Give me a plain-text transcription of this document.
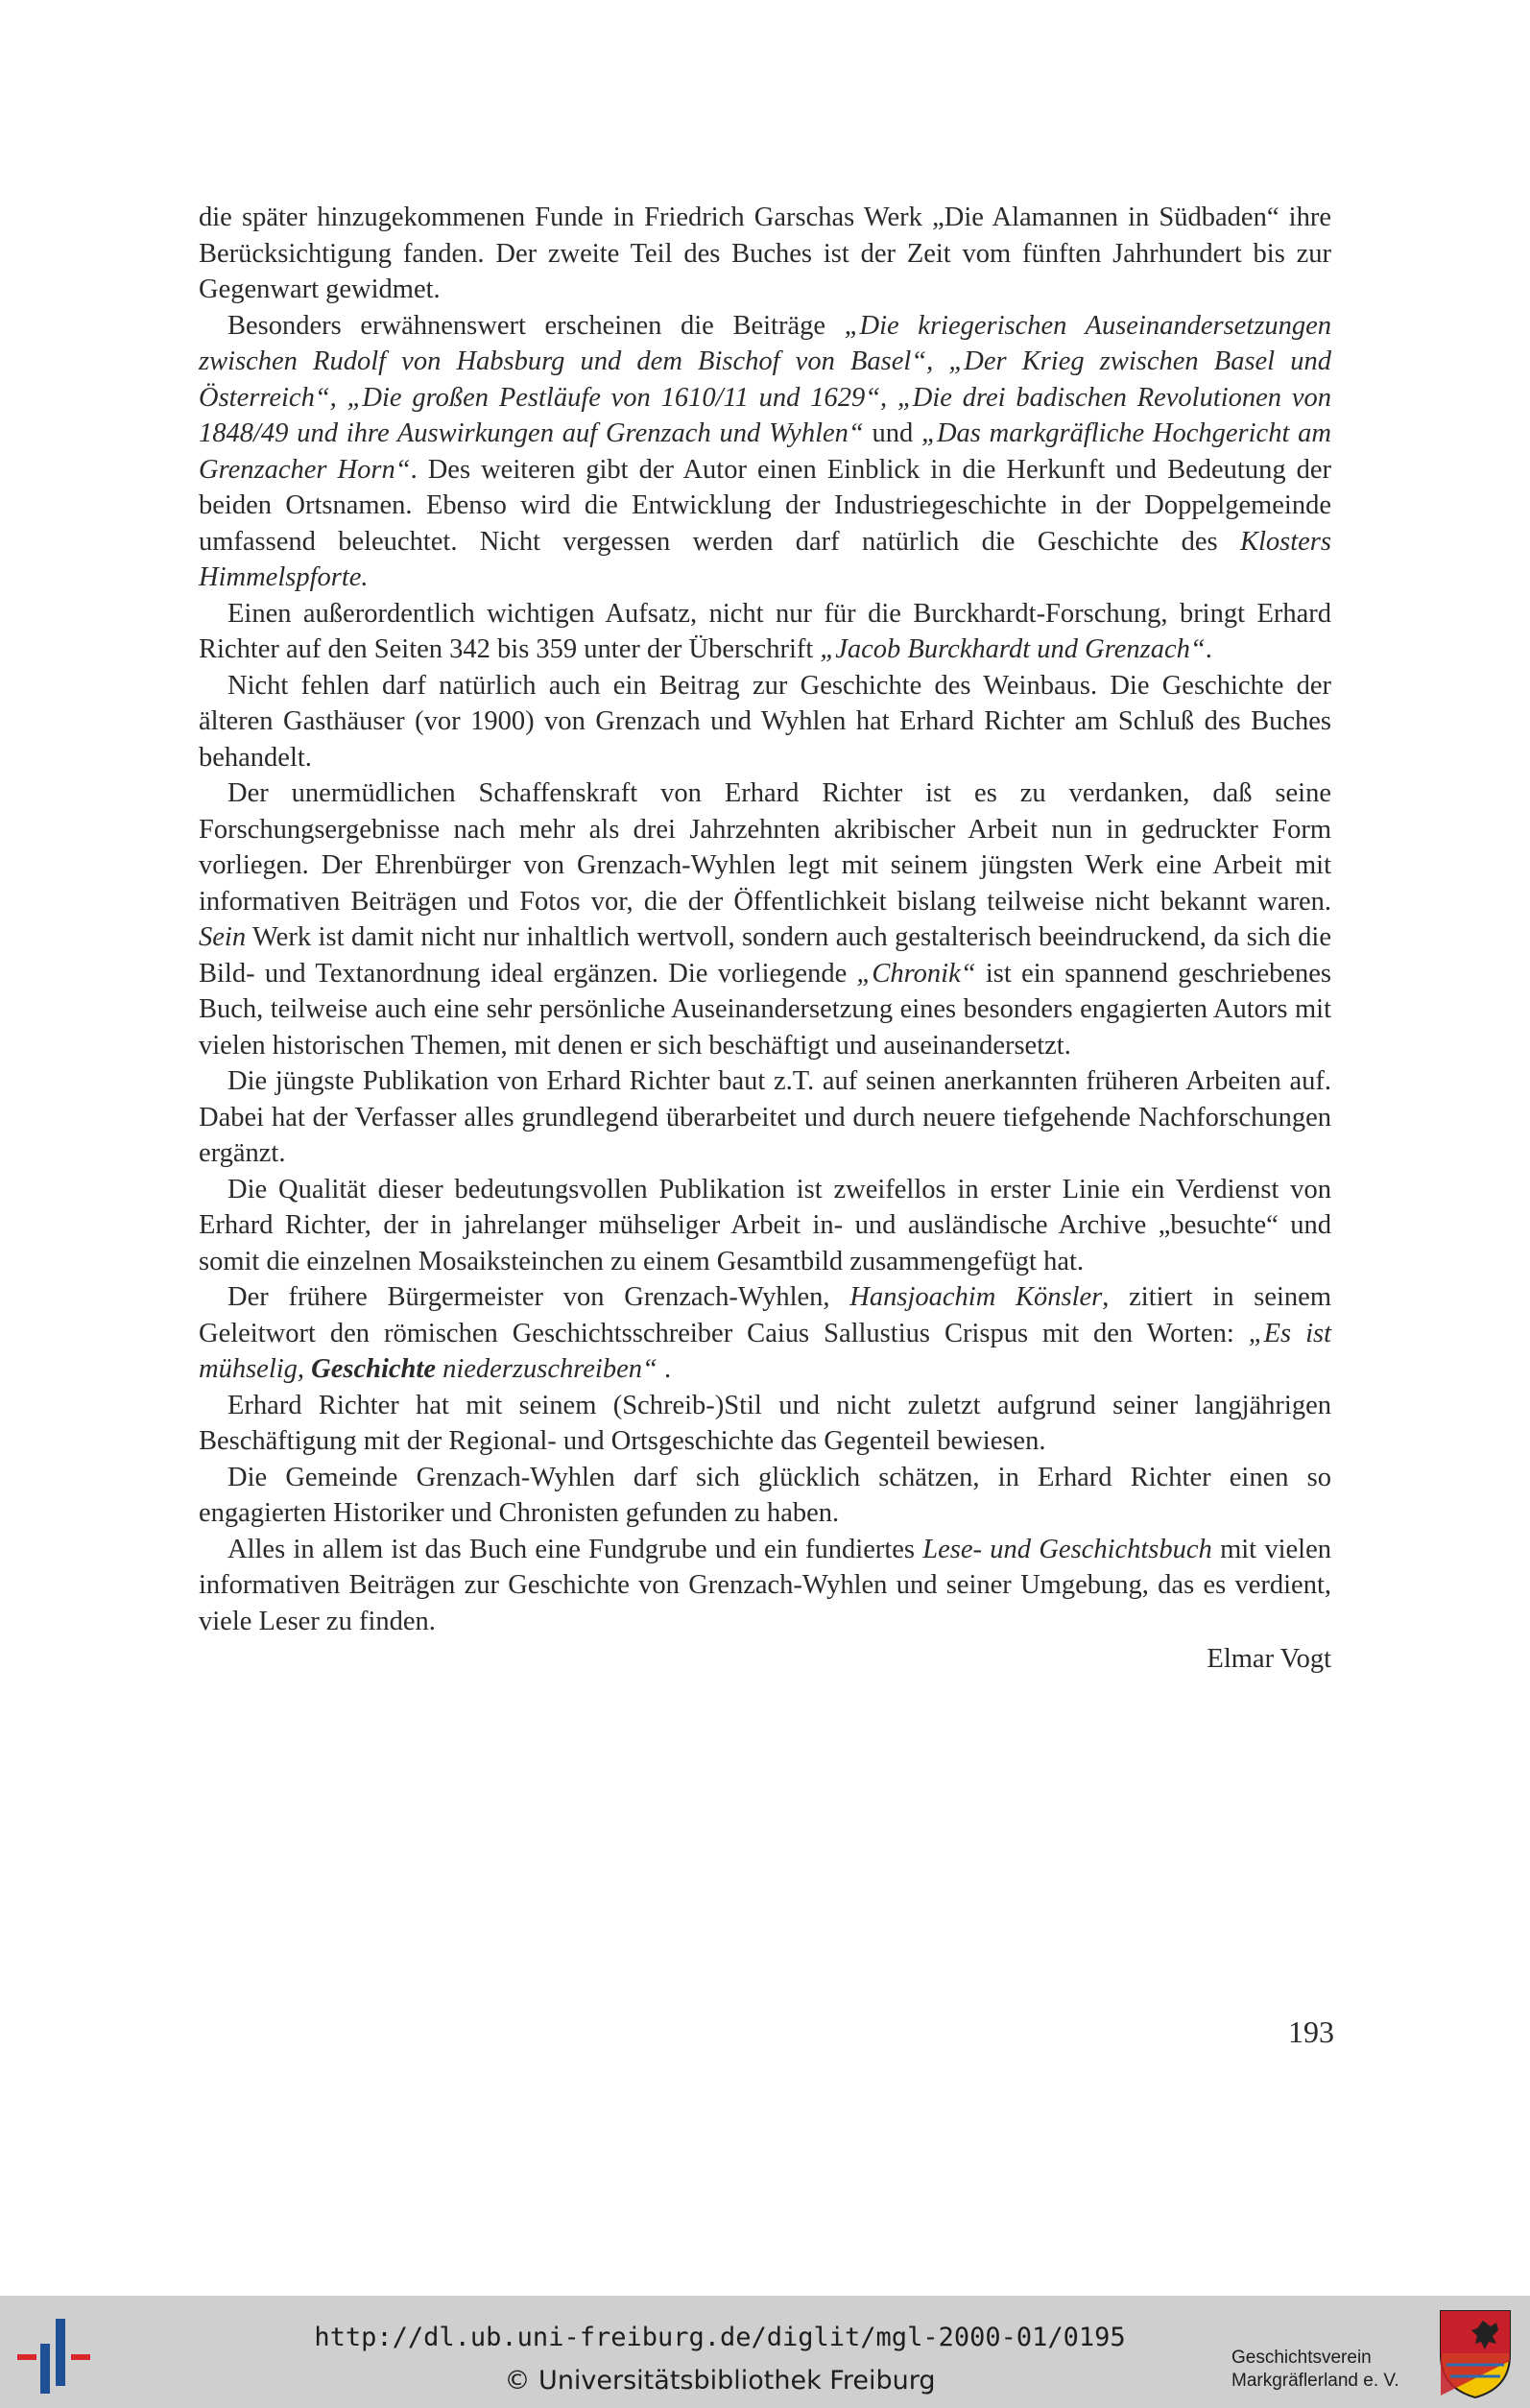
die später hinzugekommenen Funde in Friedrich Garschas Werk „Die Alamannen in Südbaden“ ihre Berücksichtigung fanden. Der zweite Teil des Buches ist der Zeit vom fünften Jahrhundert bis zur Gegenwart gewidmet.

Besonders erwähnenswert erscheinen die Beiträge „Die kriegerischen Auseinandersetzungen zwischen Rudolf von Habsburg und dem Bischof von Basel“, „Der Krieg zwischen Basel und Österreich“, „Die großen Pestläufe von 1610/11 und 1629“, „Die drei badischen Revolutionen von 1848/49 und ihre Auswirkungen auf Grenzach und Wyhlen“ und „Das markgräfliche Hochgericht am Grenzacher Horn“. Des weiteren gibt der Autor einen Einblick in die Herkunft und Bedeutung der beiden Ortsnamen. Ebenso wird die Entwicklung der Industriegeschichte in der Doppelgemeinde umfassend beleuchtet. Nicht vergessen werden darf natürlich die Geschichte des Klosters Himmelspforte.

Einen außerordentlich wichtigen Aufsatz, nicht nur für die Burckhardt-Forschung, bringt Erhard Richter auf den Seiten 342 bis 359 unter der Überschrift „Jacob Burckhardt und Grenzach“.

Nicht fehlen darf natürlich auch ein Beitrag zur Geschichte des Weinbaus. Die Geschichte der älteren Gasthäuser (vor 1900) von Grenzach und Wyhlen hat Erhard Richter am Schluß des Buches behandelt.

Der unermüdlichen Schaffenskraft von Erhard Richter ist es zu verdanken, daß seine Forschungsergebnisse nach mehr als drei Jahrzehnten akribischer Arbeit nun in gedruckter Form vorliegen. Der Ehrenbürger von Grenzach-Wyhlen legt mit seinem jüngsten Werk eine Arbeit mit informativen Beiträgen und Fotos vor, die der Öffentlichkeit bislang teilweise nicht bekannt waren. Sein Werk ist damit nicht nur inhaltlich wertvoll, sondern auch gestalterisch beeindruckend, da sich die Bild- und Textanordnung ideal ergänzen. Die vorliegende „Chronik“ ist ein spannend geschriebenes Buch, teilweise auch eine sehr persönliche Auseinandersetzung eines besonders engagierten Autors mit vielen historischen Themen, mit denen er sich beschäftigt und auseinandersetzt.

Die jüngste Publikation von Erhard Richter baut z.T. auf seinen anerkannten früheren Arbeiten auf. Dabei hat der Verfasser alles grundlegend überarbeitet und durch neuere tiefgehende Nachforschungen ergänzt.

Die Qualität dieser bedeutungsvollen Publikation ist zweifellos in erster Linie ein Verdienst von Erhard Richter, der in jahrelanger mühseliger Arbeit in- und ausländische Archive „besuchte“ und somit die einzelnen Mosaiksteinchen zu einem Gesamtbild zusammengefügt hat.

Der frühere Bürgermeister von Grenzach-Wyhlen, Hansjoachim Könsler, zitiert in seinem Geleitwort den römischen Geschichtsschreiber Caius Sallustius Crispus mit den Worten: „Es ist mühselig, Geschichte niederzuschreiben“ .

Erhard Richter hat mit seinem (Schreib-)Stil und nicht zuletzt aufgrund seiner langjährigen Beschäftigung mit der Regional- und Ortsgeschichte das Gegenteil bewiesen.

Die Gemeinde Grenzach-Wyhlen darf sich glücklich schätzen, in Erhard Richter einen so engagierten Historiker und Chronisten gefunden zu haben.

Alles in allem ist das Buch eine Fundgrube und ein fundiertes Lese- und Geschichtsbuch mit vielen informativen Beiträgen zur Geschichte von Grenzach-Wyhlen und seiner Umgebung, das es verdient, viele Leser zu finden.

Elmar Vogt

193
http://dl.ub.uni-freiburg.de/diglit/mgl-2000-01/0195
© Universitätsbibliothek Freiburg
Geschichtsverein
Markgräflerland e. V.
